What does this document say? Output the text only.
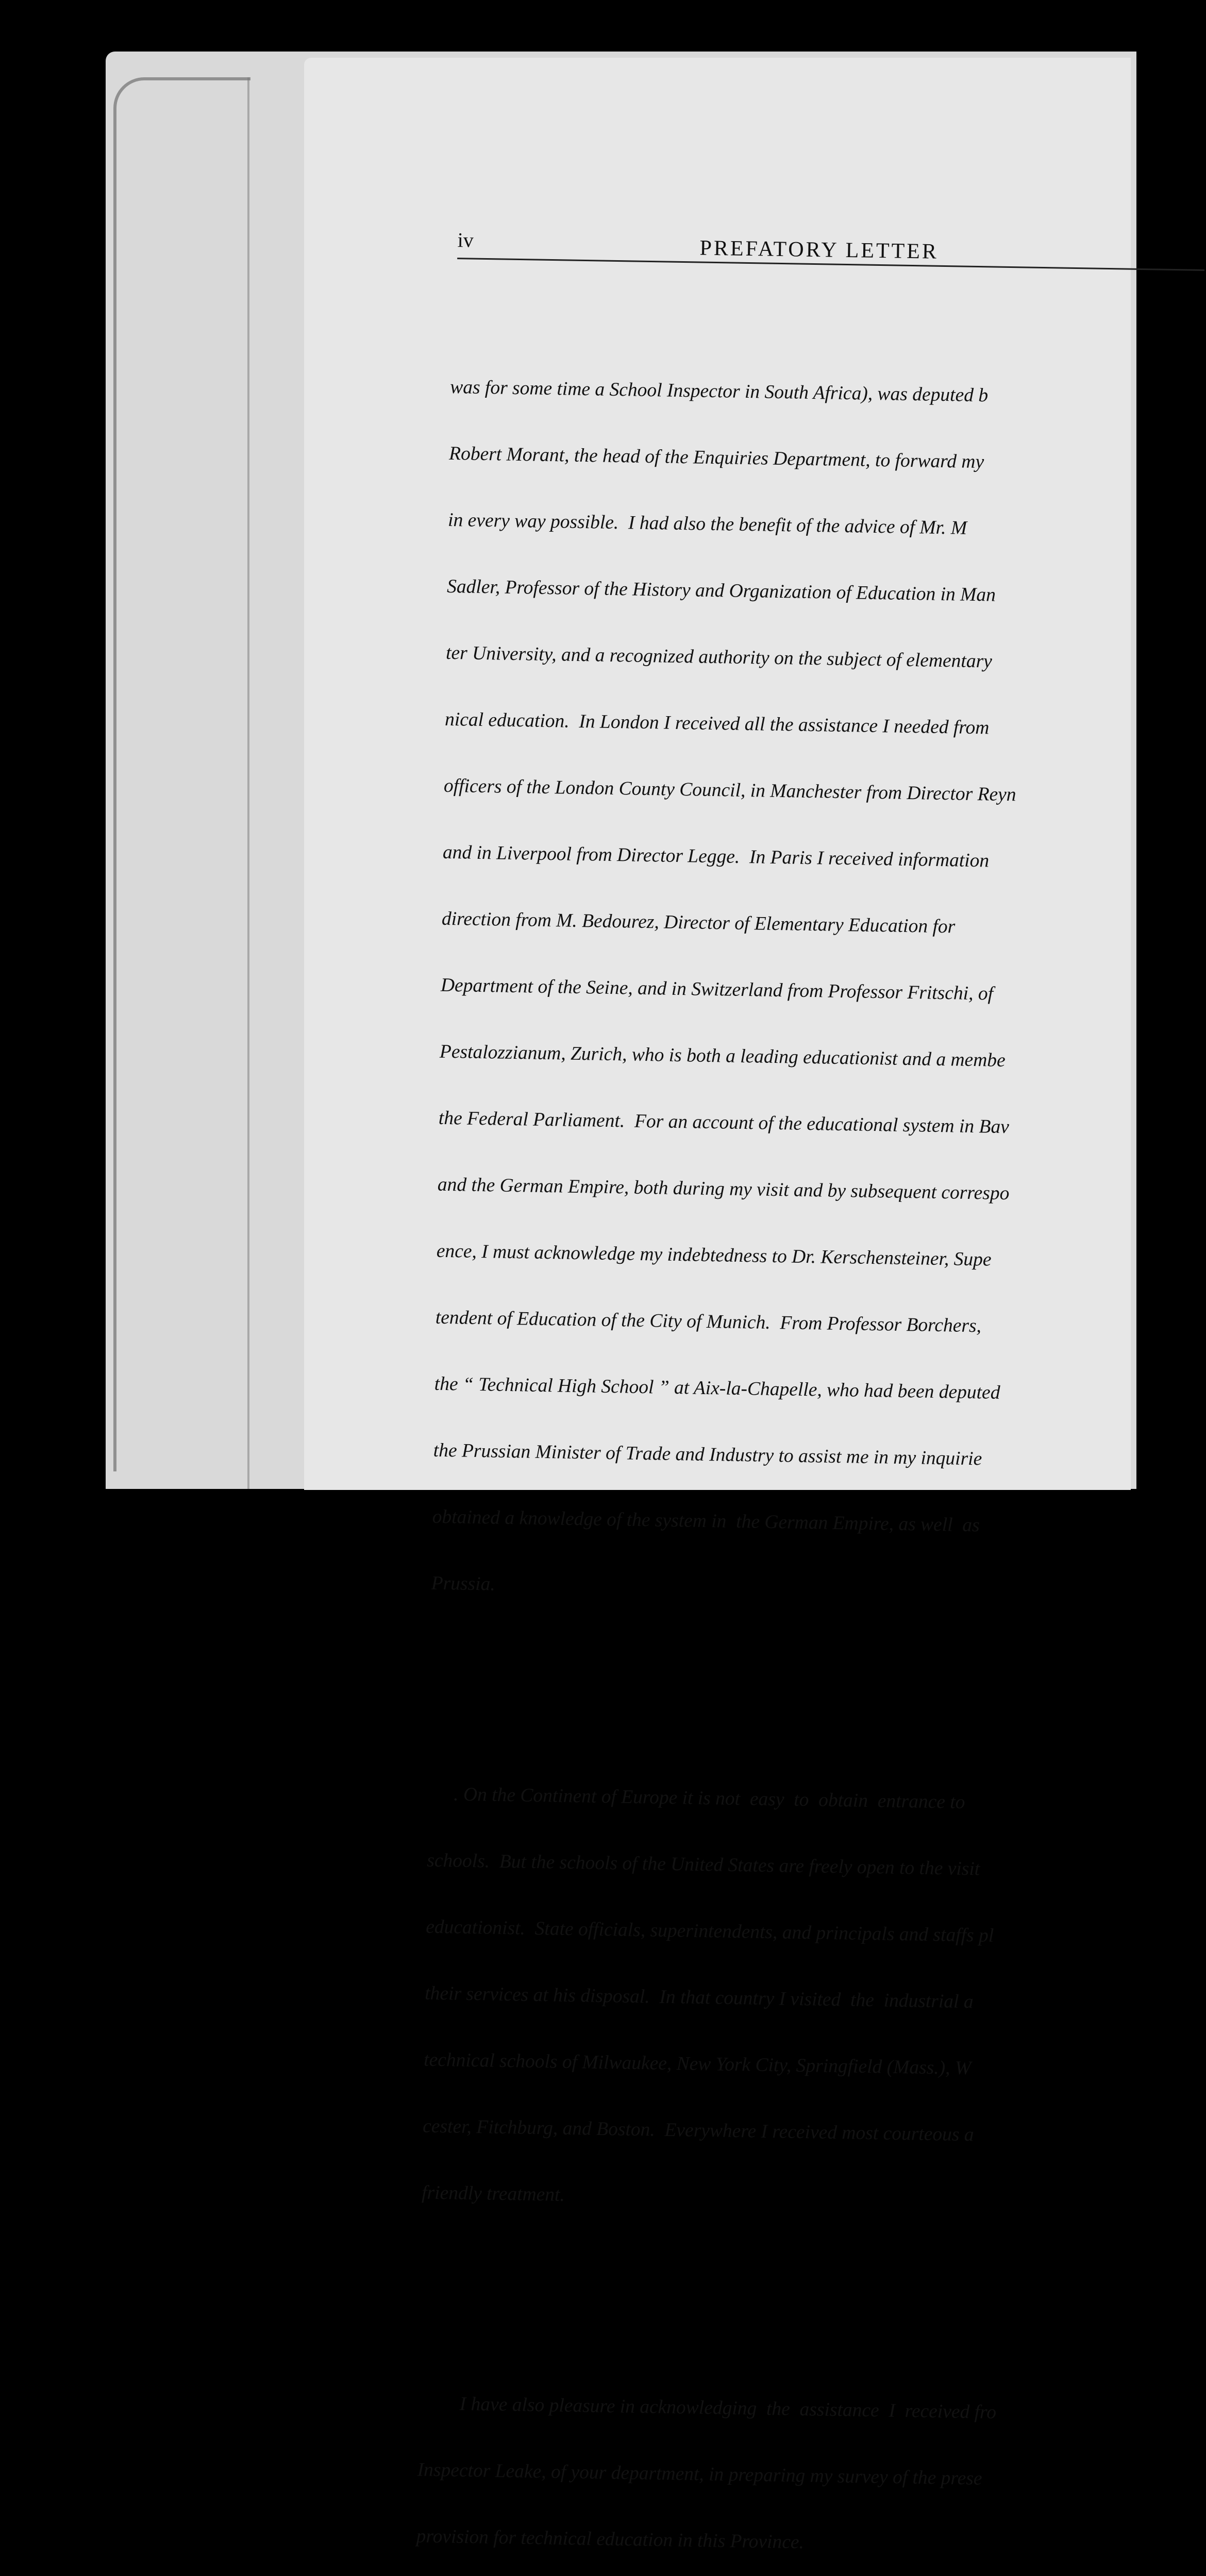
iv	PREFATORY LETTER

was for some time a School Inspector in South Africa), was deputed b

Robert Morant, the head of the Enquiries Department, to forward my

in every way possible.  I had also the benefit of the advice of Mr. M

Sadler, Professor of the History and Organization of Education in Man

ter University, and a recognized authority on the subject of elementary

nical education.  In London I received all the assistance I needed from

officers of the London County Council, in Manchester from Director Reyn

and in Liverpool from Director Legge.  In Paris I received information

direction from M. Bedourez, Director of Elementary Education for

Department of the Seine, and in Switzerland from Professor Fritschi, of

Pestalozzianum, Zurich, who is both a leading educationist and a membe

the Federal Parliament.  For an account of the educational system in Bav

and the German Empire, both during my visit and by subsequent correspo

ence, I must acknowledge my indebtedness to Dr. Kerschensteiner, Supe

tendent of Education of the City of Munich.  From Professor Borchers,

the “ Technical High School ” at Aix-la-Chapelle, who had been deputed

the Prussian Minister of Trade and Industry to assist me in my inquirie

obtained a knowledge of the system in  the German Empire, as well  as

Prussia.

. On the Continent of Europe it is not  easy  to  obtain  entrance to

schools.  But the schools of the United States are freely open to the visit

educationist.  State officials, superintendents, and principals and staffs pl

their services at his disposal.  In that country I visited  the  industrial a

technical schools of Milwaukee, New York City, Springfield (Mass.), W

cester, Fitchburg, and Boston.  Everywhere I received most courteous a

friendly treatment.

I have also pleasure in acknowledging  the  assistance  I  received fro

Inspector Leake, of your department, in preparing my survey of the prese

provision for technical education in this Province.
